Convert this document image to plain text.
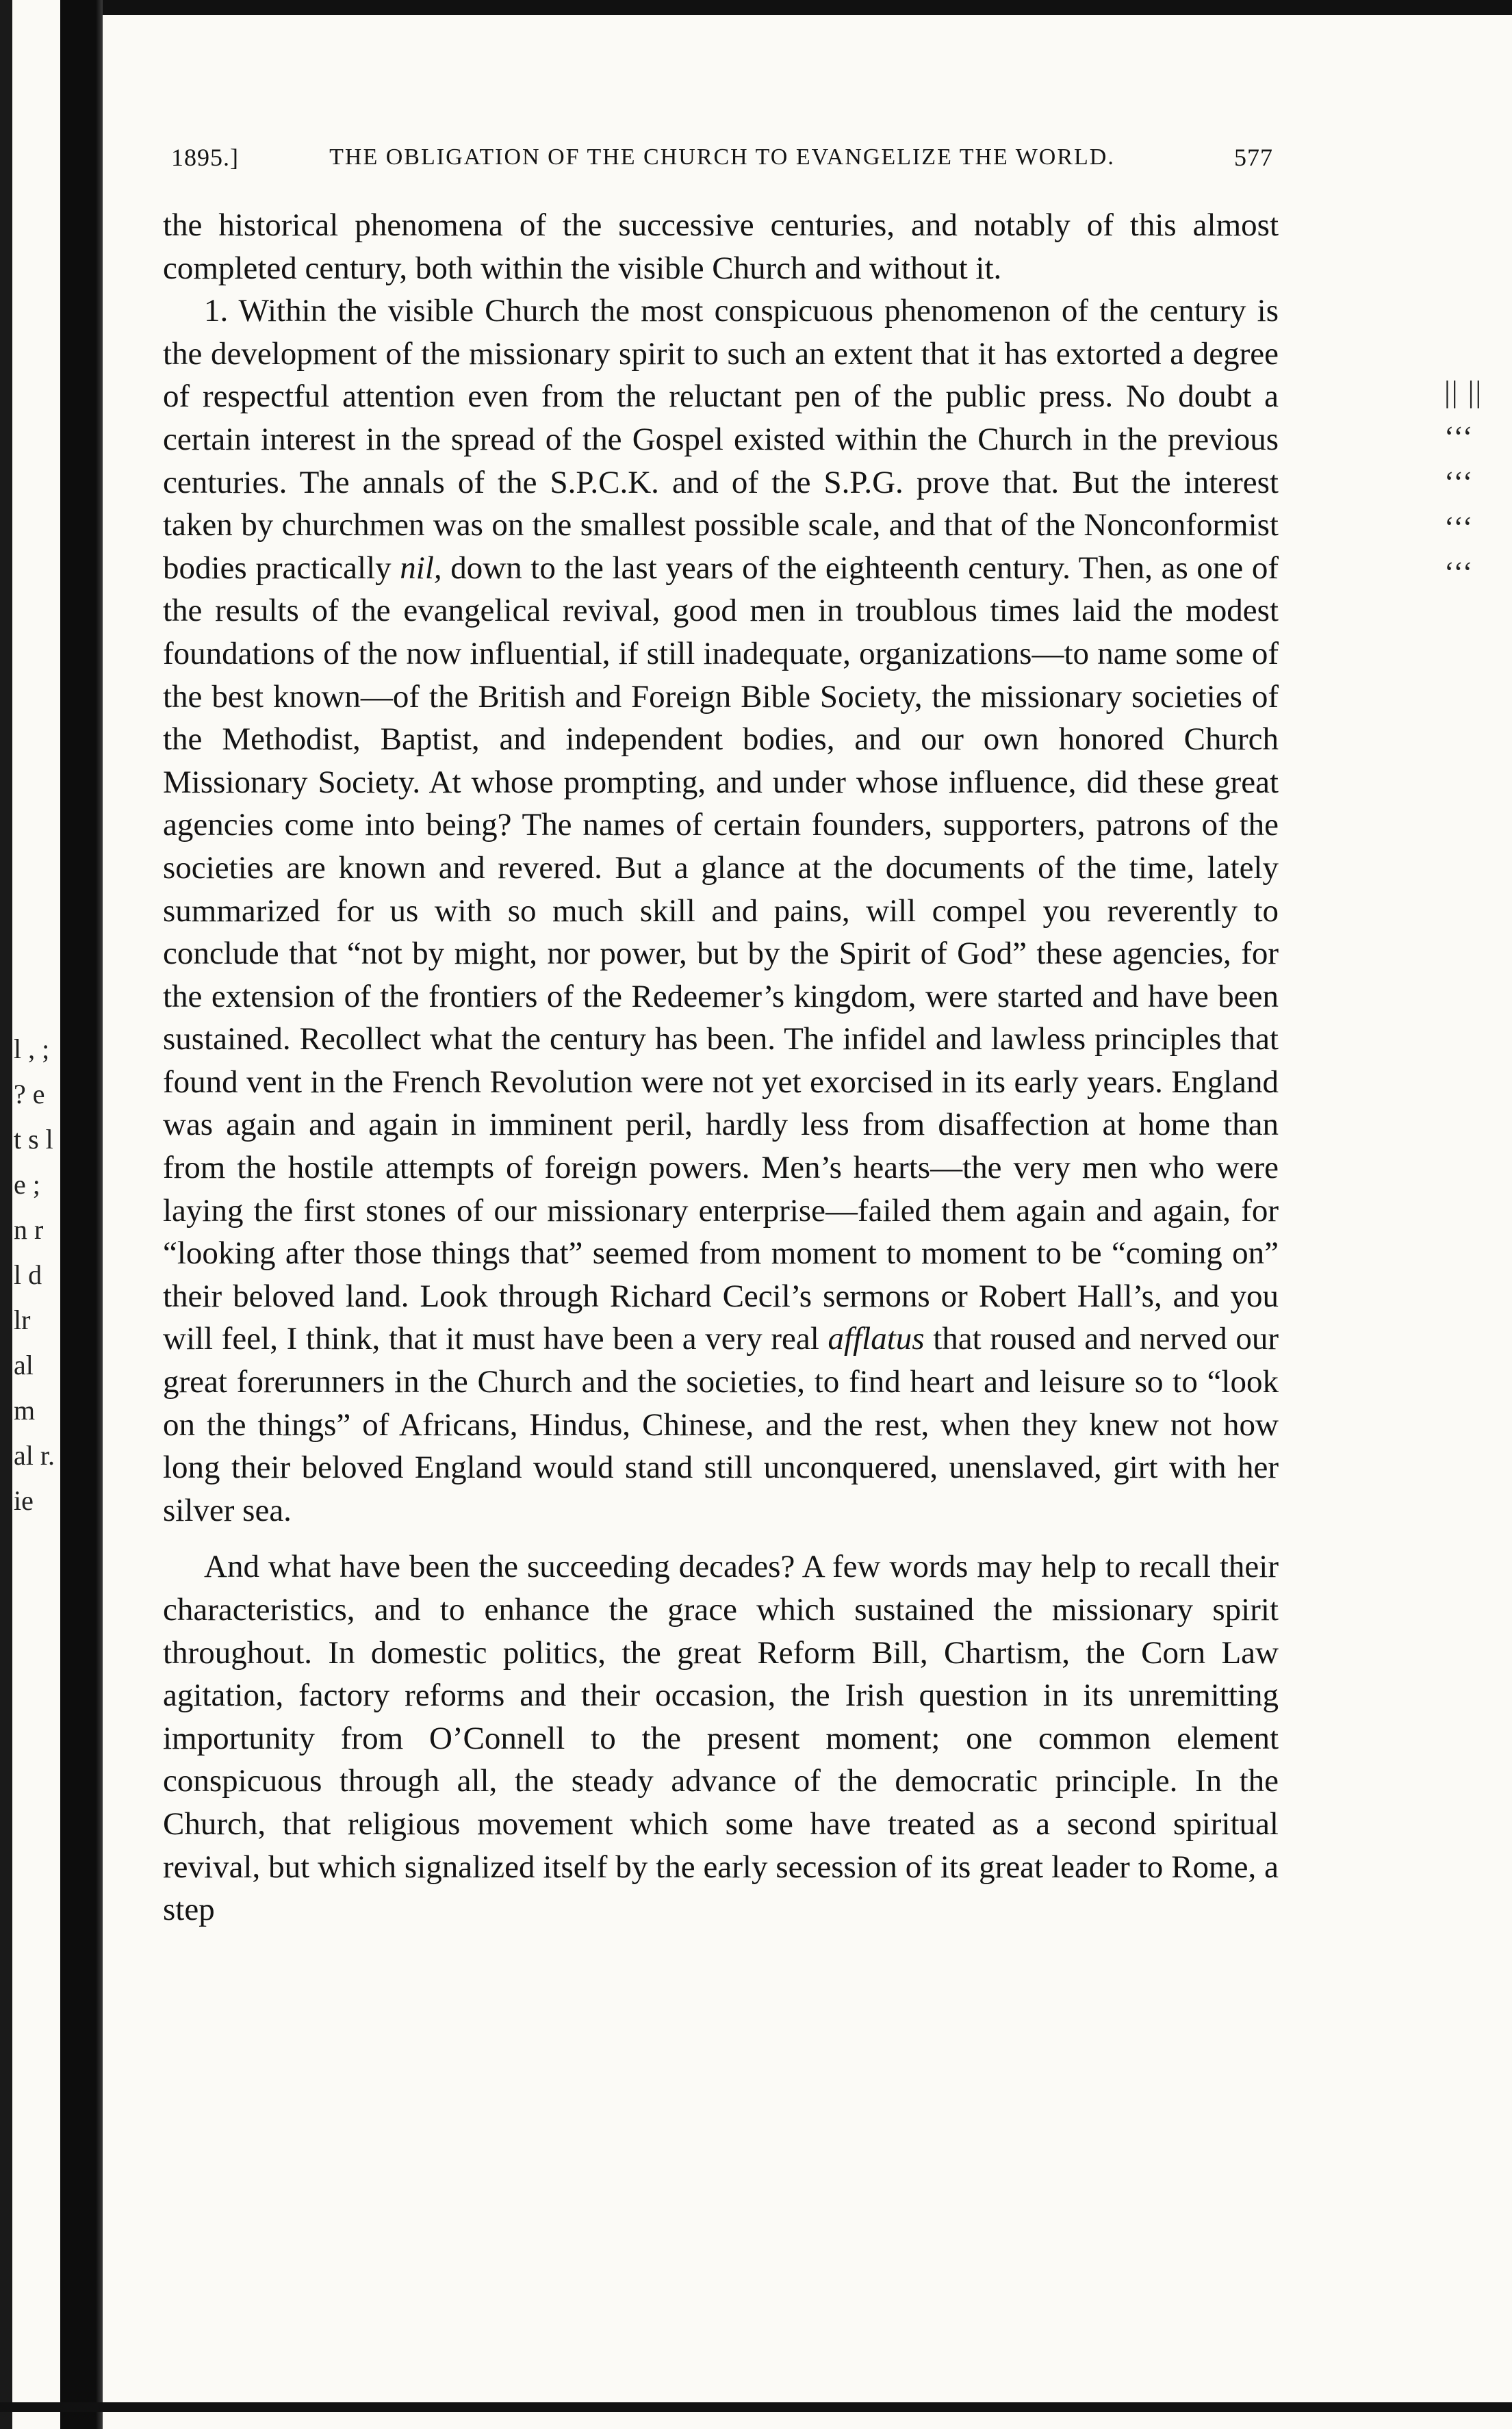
1895.]	THE OBLIGATION OF THE CHURCH TO EVANGELIZE THE WORLD.	577

the historical phenomena of the successive centuries, and notably of this almost completed century, both within the visible Church and without it.

1. Within the visible Church the most conspicuous phenomenon of the century is the development of the missionary spirit to such an extent that it has extorted a degree of respectful attention even from the reluctant pen of the public press. No doubt a certain interest in the spread of the Gospel existed within the Church in the previous centuries. The annals of the S.P.C.K. and of the S.P.G. prove that. But the interest taken by churchmen was on the smallest possible scale, and that of the Nonconformist bodies practically nil, down to the last years of the eighteenth century. Then, as one of the results of the evangelical revival, good men in troublous times laid the modest foundations of the now influential, if still inadequate, organizations—to name some of the best known—of the British and Foreign Bible Society, the missionary societies of the Methodist, Baptist, and independent bodies, and our own honored Church Missionary Society. At whose prompting, and under whose influence, did these great agencies come into being? The names of certain founders, supporters, patrons of the societies are known and revered. But a glance at the documents of the time, lately summarized for us with so much skill and pains, will compel you reverently to conclude that “not by might, nor power, but by the Spirit of God” these agencies, for the extension of the frontiers of the Redeemer’s kingdom, were started and have been sustained. Recollect what the century has been. The infidel and lawless principles that found vent in the French Revolution were not yet exorcised in its early years. England was again and again in imminent peril, hardly less from disaffection at home than from the hostile attempts of foreign powers. Men’s hearts—the very men who were laying the first stones of our missionary enterprise—failed them again and again, for “looking after those things that” seemed from moment to moment to be “coming on” their beloved land. Look through Richard Cecil’s sermons or Robert Hall’s, and you will feel, I think, that it must have been a very real afflatus that roused and nerved our great forerunners in the Church and the societies, to find heart and leisure so to “look on the things” of Africans, Hindus, Chinese, and the rest, when they knew not how long their beloved England would stand still unconquered, unenslaved, girt with her silver sea.

And what have been the succeeding decades? A few words may help to recall their characteristics, and to enhance the grace which sustained the missionary spirit throughout. In domestic politics, the great Reform Bill, Chartism, the Corn Law agitation, factory reforms and their occasion, the Irish question in its unremitting importunity from O’Connell to the present moment; one common element conspicuous through all, the steady advance of the democratic principle. In the Church, that religious movement which some have treated as a second spiritual revival, but which signalized itself by the early secession of its great leader to Rome, a step

|| || ‘‘‘ ‘‘‘ ‘‘‘ ‘‘‘
l , ; ? e t s l e ; n r l d lr al m al r. ie
